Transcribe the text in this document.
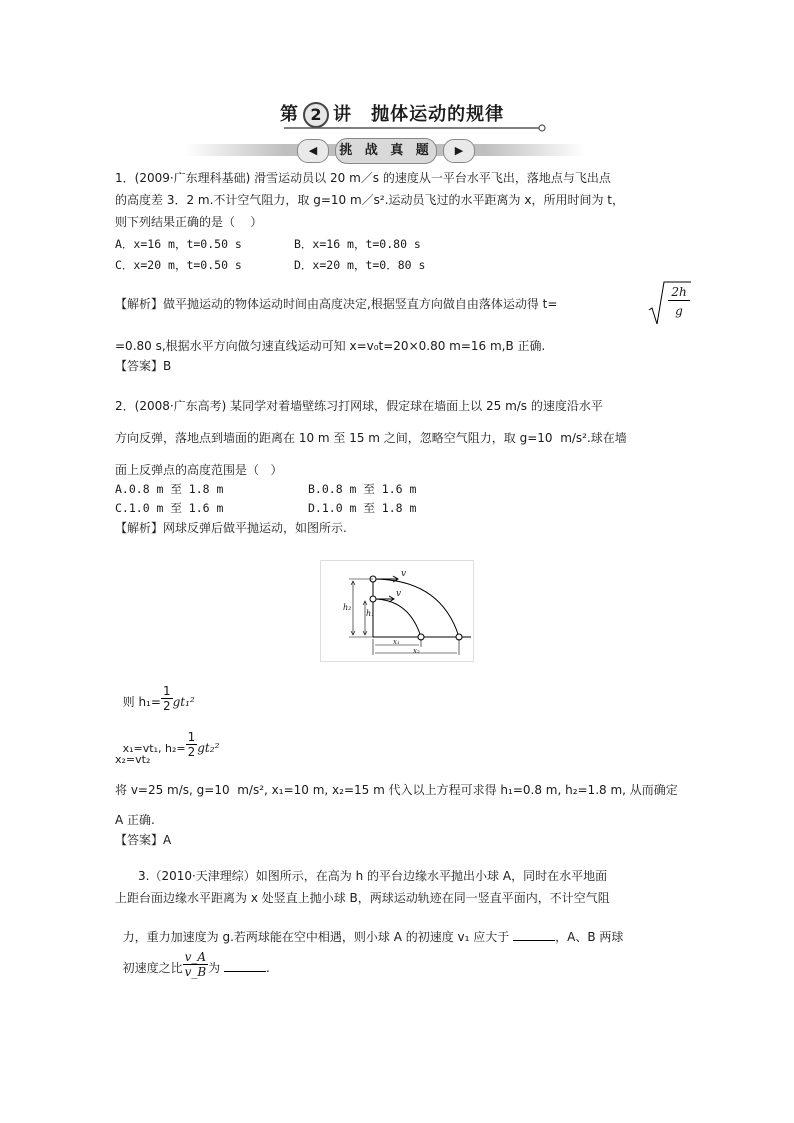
第 2 讲 抛体运动的规律
◀	挑 战 真 题	▶
1．(2009·广东理科基础) 滑雪运动员以 20 m／s 的速度从一平台水平飞出，落地点与飞出点
的高度差 3．2 m.不计空气阻力，取 g=10 m／s².运动员飞过的水平距离为 x，所用时间为 t，
则下列结果正确的是（    ）
A．x=16 m，t=0.50 s	B．x=16 m，t=0.80 s
C．x=20 m，t=0.50 s	D．x=20 m，t=0．80 s
【解析】做平抛运动的物体运动时间由高度决定,根据竖直方向做自由落体运动得 t=
$\frac{2h}{g}$
=0.80 s,根据水平方向做匀速直线运动可知 x=v₀t=20×0.80 m=16 m,B 正确.
【答案】B
2．(2008·广东高考) 某同学对着墙壁练习打网球，假定球在墙面上以 25 m/s 的速度沿水平
方向反弹，落地点到墙面的距离在 10 m 至 15 m 之间，忽略空气阻力，取 g=10  m/s².球在墙
面上反弹点的高度范围是（   ）
A.0.8 m 至 1.8 m	B.0.8 m 至 1.6 m
C.1.0 m 至 1.6 m	D.1.0 m 至 1.8 m
【解析】网球反弹后做平抛运动，如图所示.
v
v
h₂
h₁
x₁
x₂

则 $h_1= \frac{1}{2} gt_1^2$

x₁=vt₁, $h_2= \frac{1}{2} gt_2^2$

x₂=vt₂
将 v=25 m/s, g=10  m/s², x₁=10 m, x₂=15 m 代入以上方程可求得 h₁=0.8 m, h₂=1.8 m, 从而确定
A 正确.
【答案】A
3.（2010·天津理综）如图所示，在高为 h 的平台边缘水平抛出小球 A，同时在水平地面
上距台面边缘水平距离为 x 处竖直上抛小球 B，两球运动轨迹在同一竖直平面内，不计空气阻

力，重力加速度为 g.若两球能在空中相遇，则小球 A 的初速度 v₁ 应大于	，A、B 两球

初速度之比 $\frac{v\_A}{v\_B}$ 为	.
